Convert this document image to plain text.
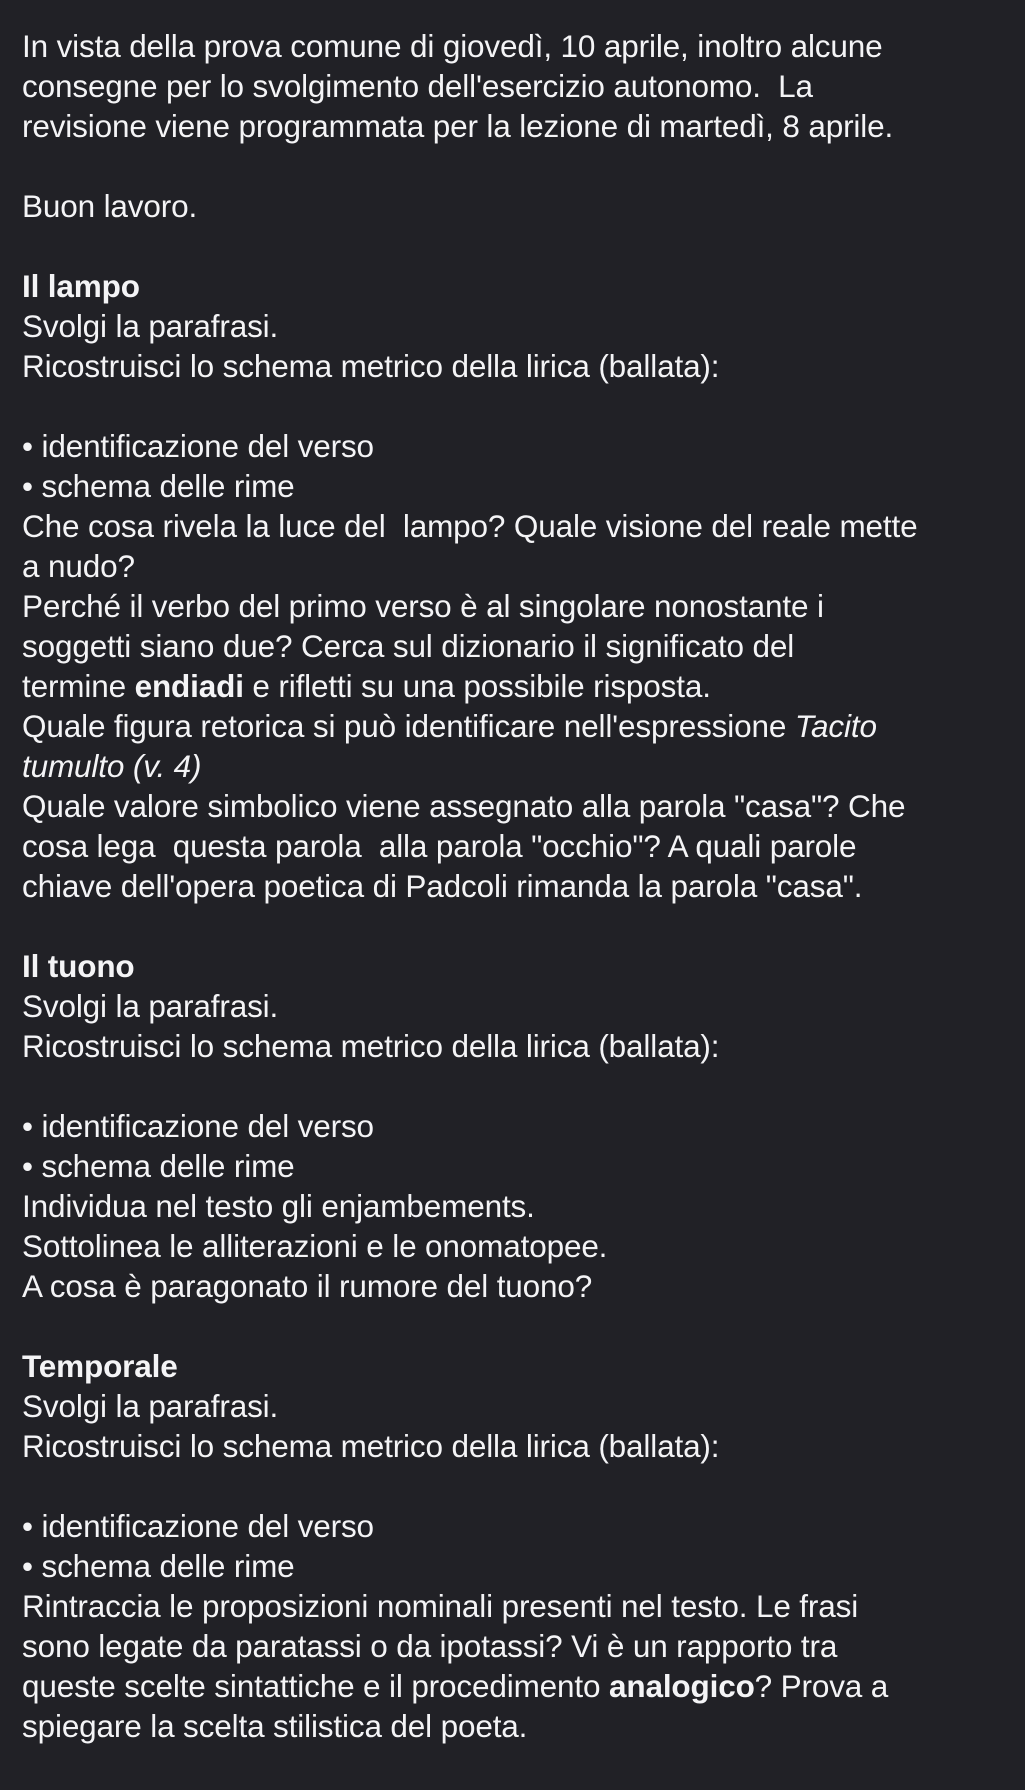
In vista della prova comune di giovedì, 10 aprile, inoltro alcune
consegne per lo svolgimento dell'esercizio autonomo.  La
revisione viene programmata per la lezione di martedì, 8 aprile.
Buon lavoro.
Il lampo
Svolgi la parafrasi.
Ricostruisci lo schema metrico della lirica (ballata):
• identificazione del verso
• schema delle rime
Che cosa rivela la luce del  lampo? Quale visione del reale mette
a nudo?
Perché il verbo del primo verso è al singolare nonostante i
soggetti siano due? Cerca sul dizionario il significato del
termine endiadi e rifletti su una possibile risposta.
Quale figura retorica si può identificare nell'espressione Tacito
tumulto (v. 4)
Quale valore simbolico viene assegnato alla parola "casa"? Che
cosa lega  questa parola  alla parola "occhio"? A quali parole
chiave dell'opera poetica di Padcoli rimanda la parola "casa".
Il tuono
Svolgi la parafrasi.
Ricostruisci lo schema metrico della lirica (ballata):
• identificazione del verso
• schema delle rime
Individua nel testo gli enjambements.
Sottolinea le alliterazioni e le onomatopee.
A cosa è paragonato il rumore del tuono?
Temporale
Svolgi la parafrasi.
Ricostruisci lo schema metrico della lirica (ballata):
• identificazione del verso
• schema delle rime
Rintraccia le proposizioni nominali presenti nel testo. Le frasi
sono legate da paratassi o da ipotassi? Vi è un rapporto tra
queste scelte sintattiche e il procedimento analogico? Prova a
spiegare la scelta stilistica del poeta.
